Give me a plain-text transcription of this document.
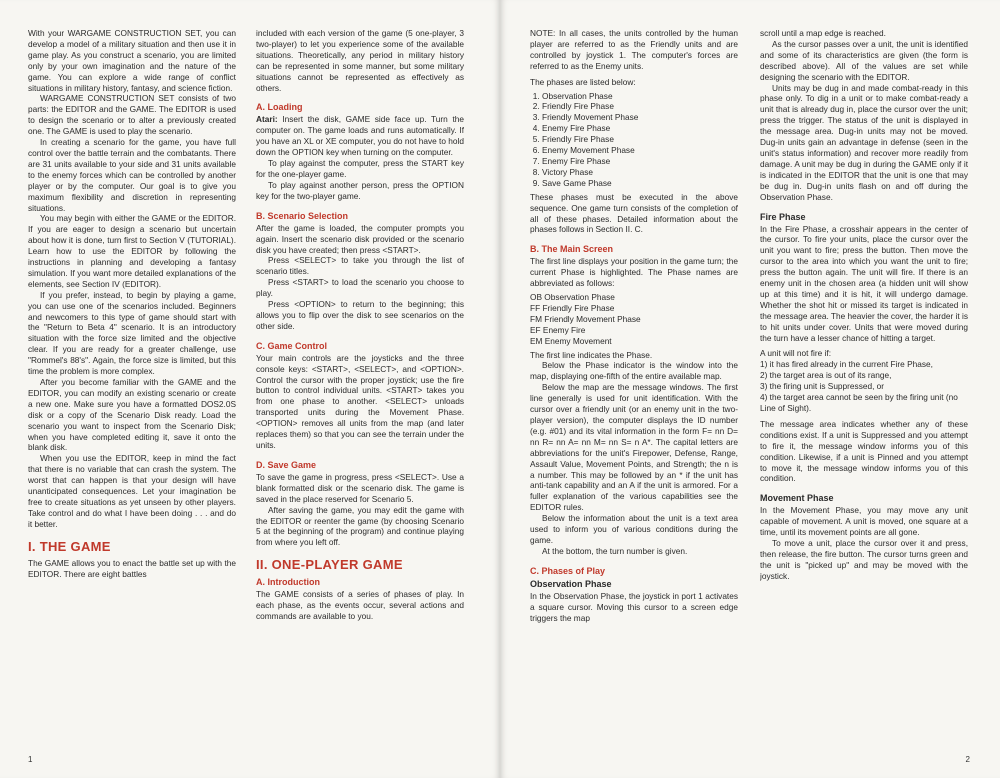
With your WARGAME CONSTRUCTION SET, you can develop a model of a military situation and then use it in game play. As you construct a scenario, you are limited only by your own imagination and the nature of the game. You can explore a wide range of conflict situations in military history, fantasy, and science fiction.

WARGAME CONSTRUCTION SET consists of two parts: the EDITOR and the GAME. The EDITOR is used to design the scenario or to alter a previously created one. The GAME is used to play the scenario.

In creating a scenario for the game, you have full control over the battle terrain and the combatants. There are 31 units available to your side and 31 units available to the enemy forces which can be controlled by another player or by the computer. Our goal is to give you maximum flexibility and discretion in representing situations.

You may begin with either the GAME or the EDITOR. If you are eager to design a scenario but uncertain about how it is done, turn first to Section V (TUTORIAL). Learn how to use the EDITOR by following the instructions in planning and developing a fantasy simulation. If you want more detailed explanations of the elements, see Section IV (EDITOR).

If you prefer, instead, to begin by playing a game, you can use one of the scenarios included. Beginners and newcomers to this type of game should start with the "Return to Beta 4" scenario. It is an introductory situation with the force size limited and the objective clear. If you are ready for a greater challenge, use "Rommel's 88's". Again, the force size is limited, but this time the problem is more complex.

After you become familiar with the GAME and the EDITOR, you can modify an existing scenario or create a new one. Make sure you have a formatted DOS2.0S disk or a copy of the Scenario Disk ready. Load the scenario you want to inspect from the Scenario Disk; when you have completed editing it, save it onto the blank disk.

When you use the EDITOR, keep in mind the fact that there is no variable that can crash the system. The worst that can happen is that your design will have unanticipated consequences. Let your imagination be free to create situations as yet unseen by other players. Take control and do what I have been doing . . . and do it better.

I. THE GAME

The GAME allows you to enact the battle set up with the EDITOR. There are eight battles

included with each version of the game (5 one-player, 3 two-player) to let you experience some of the available situations. Theoretically, any period in military history can be represented in some manner, but some military situations cannot be represented as effectively as others.

A. Loading

Atari: Insert the disk, GAME side face up. Turn the computer on. The game loads and runs automatically. If you have an XL or XE computer, you do not have to hold down the OPTION key when turning on the computer.

To play against the computer, press the START key for the one-player game.

To play against another person, press the OPTION key for the two-player game.

B. Scenario Selection

After the game is loaded, the computer prompts you again. Insert the scenario disk provided or the scenario disk you have created; then press <START>.

Press <SELECT> to take you through the list of scenario titles.

Press <START> to load the scenario you choose to play.

Press <OPTION> to return to the beginning; this allows you to flip over the disk to see scenarios on the other side.

C. Game Control

Your main controls are the joysticks and the three console keys: <START>, <SELECT>, and <OPTION>. Control the cursor with the proper joystick; use the fire button to control individual units. <START> takes you from one phase to another. <SELECT> unloads transported units during the Movement Phase. <OPTION> removes all units from the map (and later replaces them) so that you can see the terrain under the units.

D. Save Game

To save the game in progress, press <SELECT>. Use a blank formatted disk or the scenario disk. The game is saved in the place reserved for Scenario 5.

After saving the game, you may edit the game with the EDITOR or reenter the game (by choosing Scenario 5 at the beginning of the program) and continue playing from where you left off.

II. ONE-PLAYER GAME
A. Introduction

The GAME consists of a series of phases of play. In each phase, as the events occur, several actions and commands are available to you.

1

NOTE: In all cases, the units controlled by the human player are referred to as the Friendly units and are controlled by joystick 1. The computer's forces are referred to as the Enemy units.

The phases are listed below:

1. Observation Phase
2. Friendly Fire Phase
3. Friendly Movement Phase
4. Enemy Fire Phase
5. Friendly Fire Phase
6. Enemy Movement Phase
7. Enemy Fire Phase
8. Victory Phase
9. Save Game Phase

These phases must be executed in the above sequence. One game turn consists of the completion of all of these phases. Detailed information about the phases follows in Section II. C.

B. The Main Screen

The first line displays your position in the game turn; the current Phase is highlighted. The Phase names are abbreviated as follows:

OB Observation Phase
FF Friendly Fire Phase
FM Friendly Movement Phase
EF Enemy Fire
EM Enemy Movement

The first line indicates the Phase.

Below the Phase indicator is the window into the map, displaying one-fifth of the entire available map.

Below the map are the message windows. The first line generally is used for unit identification. With the cursor over a friendly unit (or an enemy unit in the two-player version), the computer displays the ID number (e.g. #01) and its vital information in the form F= nn D= nn R= nn A= nn M= nn S= n A*. The capital letters are abbreviations for the unit's Firepower, Defense, Range, Assault Value, Movement Points, and Strength; the n is a number. This may be followed by an * if the unit has anti-tank capability and an A if the unit is armored. For a fuller explanation of the various capabilities see the EDITOR rules.

Below the information about the unit is a text area used to inform you of various conditions during the game.

At the bottom, the turn number is given.

C. Phases of Play
Observation Phase

In the Observation Phase, the joystick in port 1 activates a square cursor. Moving this cursor to a screen edge triggers the map

scroll until a map edge is reached.

As the cursor passes over a unit, the unit is identified and some of its characteristics are given (the form is described above). All of the values are set while designing the scenario with the EDITOR.

Units may be dug in and made combat-ready in this phase only. To dig in a unit or to make combat-ready a unit that is already dug in, place the cursor over the unit; press the trigger. The status of the unit is displayed in the message area. Dug-in units may not be moved. Dug-in units gain an advantage in defense (seen in the unit's status information) and recover more readily from damage. A unit may be dug in during the GAME only if it is indicated in the EDITOR that the unit is one that may be dug in. Dug-in units flash on and off during the Observation Phase.

Fire Phase

In the Fire Phase, a crosshair appears in the center of the cursor. To fire your units, place the cursor over the unit you want to fire; press the button. Then move the cursor to the area into which you want the unit to fire; press the button again. The unit will fire. If there is an enemy unit in the chosen area (a hidden unit will show up at this time) and it is hit, it will undergo damage. Whether the shot hit or missed its target is indicated in the message area. The heavier the cover, the harder it is to hit units under cover. Units that were moved during the turn have a lesser chance of hitting a target.

A unit will not fire if:

1) it has fired already in the current Fire Phase,
2) the target area is out of its range,
3) the firing unit is Suppressed, or
4) the target area cannot be seen by the firing unit (no Line of Sight).

The message area indicates whether any of these conditions exist. If a unit is Suppressed and you attempt to fire it, the message window informs you of this condition. Likewise, if a unit is Pinned and you attempt to move it, the message window informs you of this condition.

Movement Phase

In the Movement Phase, you may move any unit capable of movement. A unit is moved, one square at a time, until its movement points are all gone.

To move a unit, place the cursor over it and press, then release, the fire button. The cursor turns green and the unit is "picked up" and may be moved with the joystick.

2
